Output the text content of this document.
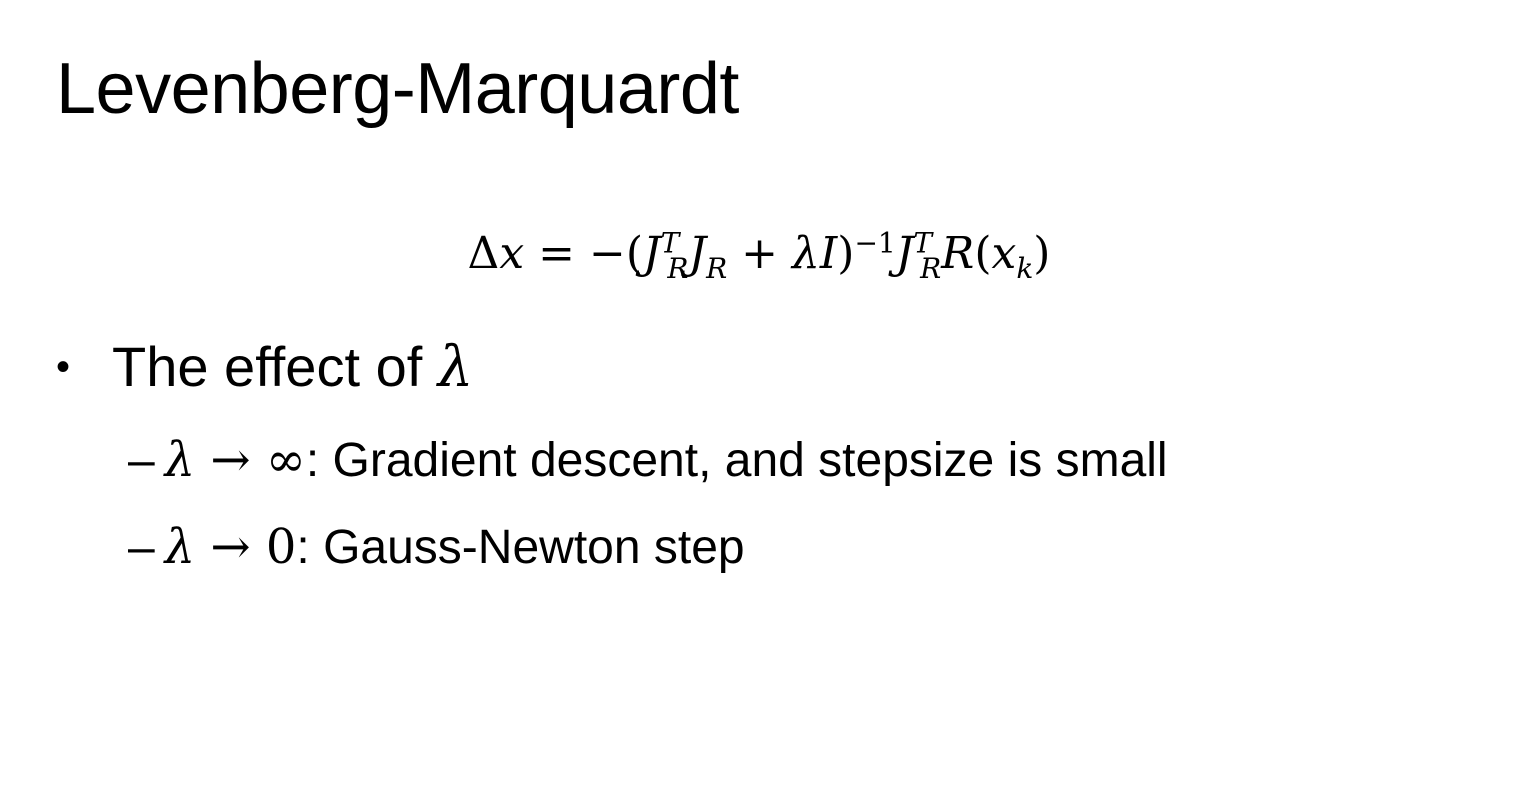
Levenberg-Marquardt
$\Delta x = -(J^T_RJ_R + \lambda I)^{-1}J^T_RR(x_k)$
• The effect of λ
– λ → ∞: Gradient descent, and stepsize is small
– λ → 0: Gauss-Newton step
